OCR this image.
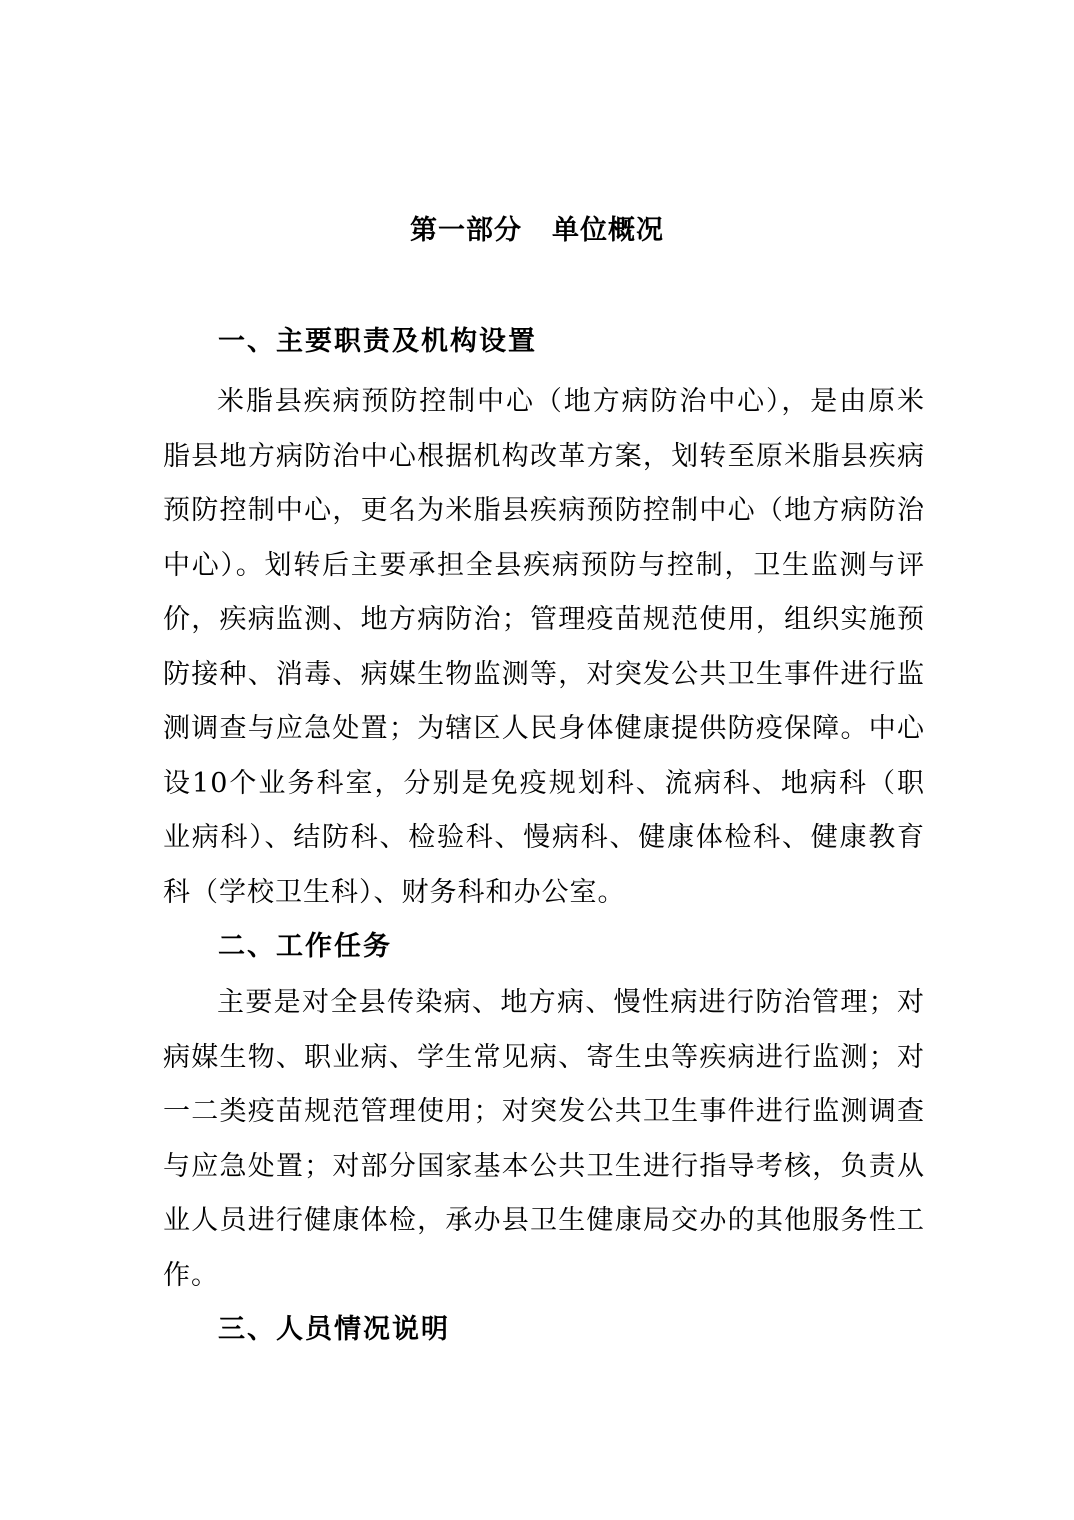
第一部分 单位概况
一、主要职责及机构设置

米脂县疾病预防控制中心（地方病防治中心），是由原米脂县地方病防治中心根据机构改革方案，划转至原米脂县疾病预防控制中心，更名为米脂县疾病预防控制中心（地方病防治中心）。划转后主要承担全县疾病预防与控制，卫生监测与评价，疾病监测、地方病防治；管理疫苗规范使用，组织实施预防接种、消毒、病媒生物监测等，对突发公共卫生事件进行监测调查与应急处置；为辖区人民身体健康提供防疫保障。中心设10个业务科室，分别是免疫规划科、流病科、地病科（职业病科）、结防科、检验科、慢病科、健康体检科、健康教育科（学校卫生科）、财务科和办公室。

二、工作任务

主要是对全县传染病、地方病、慢性病进行防治管理；对病媒生物、职业病、学生常见病、寄生虫等疾病进行监测；对一二类疫苗规范管理使用；对突发公共卫生事件进行监测调查与应急处置；对部分国家基本公共卫生进行指导考核，负责从业人员进行健康体检，承办县卫生健康局交办的其他服务性工作。

三、人员情况说明
